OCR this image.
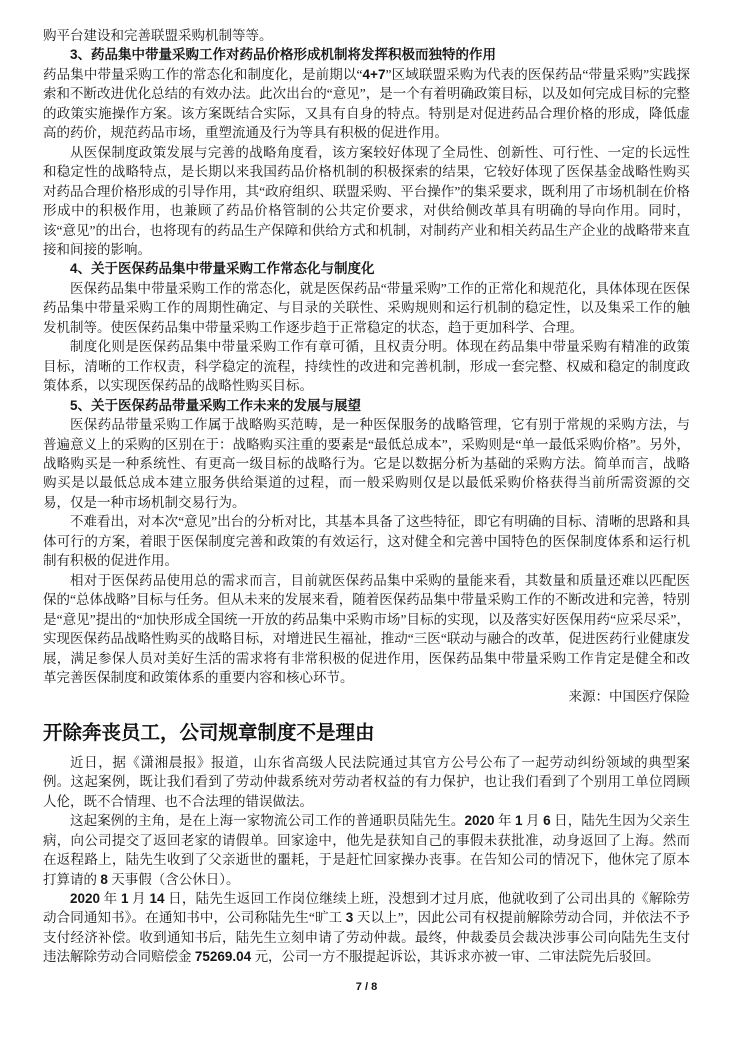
购平台建设和完善联盟采购机制等等。

3、药品集中带量采购工作对药品价格形成机制将发挥积极而独特的作用

药品集中带量采购工作的常态化和制度化，是前期以“4+7”区域联盟采购为代表的医保药品“带量采购”实践探索和不断改进优化总结的有效办法。此次出台的“意见”，是一个有着明确政策目标，以及如何完成目标的完整的政策实施操作方案。该方案既结合实际，又具有自身的特点。特别是对促进药品合理价格的形成，降低虚高的药价，规范药品市场，重塑流通及行为等具有积极的促进作用。

从医保制度政策发展与完善的战略角度看，该方案较好体现了全局性、创新性、可行性、一定的长远性和稳定性的战略特点，是长期以来我国药品价格机制的积极探索的结果，它较好体现了医保基金战略性购买对药品合理价格形成的引导作用，其“政府组织、联盟采购、平台操作”的集采要求，既利用了市场机制在价格形成中的积极作用，也兼顾了药品价格管制的公共定价要求，对供给侧改革具有明确的导向作用。同时，该“意见”的出台，也将现有的药品生产保障和供给方式和机制，对制药产业和相关药品生产企业的战略带来直接和间接的影响。

4、关于医保药品集中带量采购工作常态化与制度化

医保药品集中带量采购工作的常态化，就是医保药品“带量采购”工作的正常化和规范化，具体体现在医保药品集中带量采购工作的周期性确定、与目录的关联性、采购规则和运行机制的稳定性，以及集采工作的触发机制等。使医保药品集中带量采购工作逐步趋于正常稳定的状态，趋于更加科学、合理。

制度化则是医保药品集中带量采购工作有章可循，且权责分明。体现在药品集中带量采购有精准的政策目标，清晰的工作权责，科学稳定的流程，持续性的改进和完善机制，形成一套完整、权威和稳定的制度政策体系，以实现医保药品的战略性购买目标。

5、关于医保药品带量采购工作未来的发展与展望

医保药品带量采购工作属于战略购买范畴，是一种医保服务的战略管理，它有别于常规的采购方法，与普遍意义上的采购的区别在于：战略购买注重的要素是“最低总成本”，采购则是“单一最低采购价格”。另外，战略购买是一种系统性、有更高一级目标的战略行为。它是以数据分析为基础的采购方法。简单而言，战略购买是以最低总成本建立服务供给渠道的过程，而一般采购则仅是以最低采购价格获得当前所需资源的交易，仅是一种市场机制交易行为。

不难看出，对本次“意见”出台的分析对比，其基本具备了这些特征，即它有明确的目标、清晰的思路和具体可行的方案，着眼于医保制度完善和政策的有效运行，这对健全和完善中国特色的医保制度体系和运行机制有积极的促进作用。

相对于医保药品使用总的需求而言，目前就医保药品集中采购的量能来看，其数量和质量还难以匹配医保的“总体战略”目标与任务。但从未来的发展来看，随着医保药品集中带量采购工作的不断改进和完善，特别是“意见”提出的“加快形成全国统一开放的药品集中采购市场”目标的实现，以及落实好医保用药“应采尽采”，实现医保药品战略性购买的战略目标，对增进民生福祉，推动“三医“联动与融合的改革，促进医药行业健康发展，满足参保人员对美好生活的需求将有非常积极的促进作用，医保药品集中带量采购工作肯定是健全和改革完善医保制度和政策体系的重要内容和核心环节。

来源：中国医疗保险

开除奔丧员工，公司规章制度不是理由

近日，据《潇湘晨报》报道，山东省高级人民法院通过其官方公号公布了一起劳动纠纷领域的典型案例。这起案例，既让我们看到了劳动仲裁系统对劳动者权益的有力保护，也让我们看到了个别用工单位罔顾人伦，既不合情理、也不合法理的错误做法。

这起案例的主角，是在上海一家物流公司工作的普通职员陆先生。2020 年 1 月 6 日，陆先生因为父亲生病，向公司提交了返回老家的请假单。回家途中，他先是获知自己的事假未获批准，动身返回了上海。然而在返程路上，陆先生收到了父亲逝世的噩耗，于是赶忙回家操办丧事。在告知公司的情况下，他休完了原本打算请的 8 天事假（含公休日）。

2020 年 1 月 14 日，陆先生返回工作岗位继续上班，没想到才过月底，他就收到了公司出具的《解除劳动合同通知书》。在通知书中，公司称陆先生“旷工 3 天以上”，因此公司有权提前解除劳动合同，并依法不予支付经济补偿。收到通知书后，陆先生立刻申请了劳动仲裁。最终，仲裁委员会裁决涉事公司向陆先生支付违法解除劳动合同赔偿金 75269.04 元，公司一方不服提起诉讼，其诉求亦被一审、二审法院先后驳回。

7 / 8
